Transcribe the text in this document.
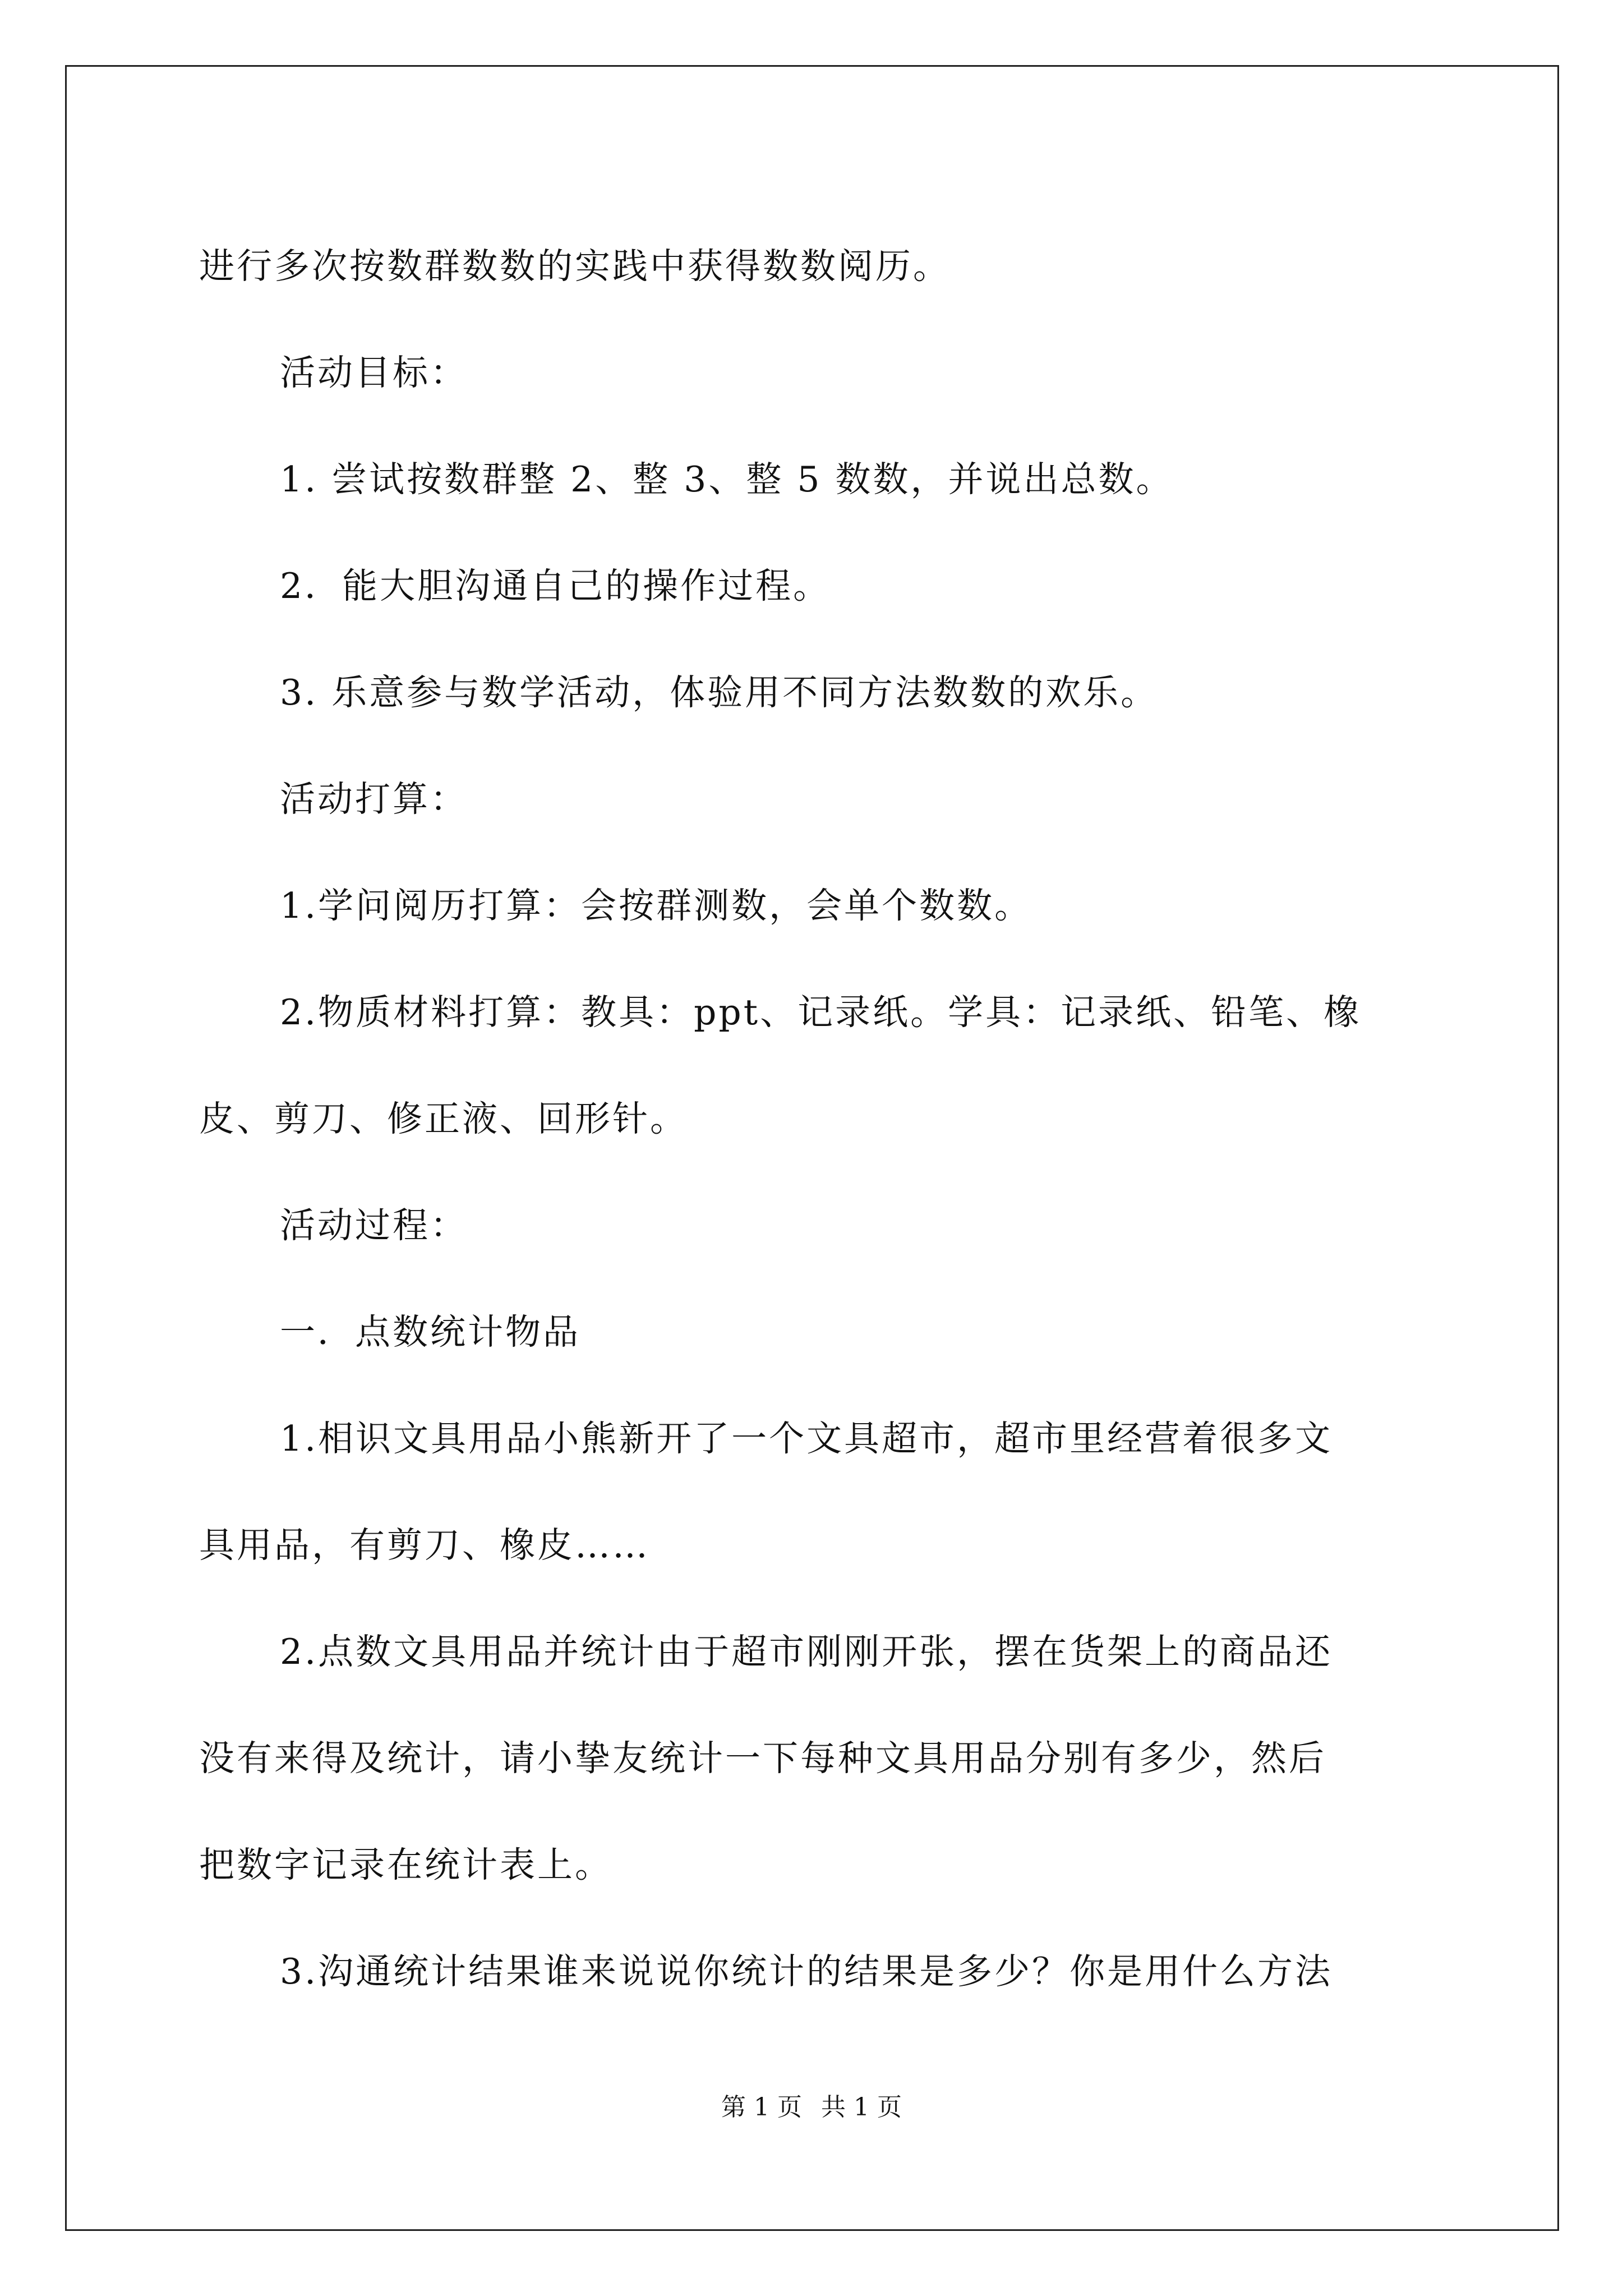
进行多次按数群数数的实践中获得数数阅历。
活动目标：
1. 尝试按数群整 2、整 3、整 5 数数，并说出总数。
2．能大胆沟通自己的操作过程。
3. 乐意参与数学活动，体验用不同方法数数的欢乐。
活动打算：
1.学问阅历打算：会按群测数，会单个数数。
2.物质材料打算：教具：ppt、记录纸。学具：记录纸、铅笔、橡
皮、剪刀、修正液、回形针。
活动过程：
一．点数统计物品
1.相识文具用品小熊新开了一个文具超市，超市里经营着很多文
具用品，有剪刀、橡皮……
2.点数文具用品并统计由于超市刚刚开张，摆在货架上的商品还
没有来得及统计，请小挚友统计一下每种文具用品分别有多少，然后
把数字记录在统计表上。
3.沟通统计结果谁来说说你统计的结果是多少？你是用什么方法
第 1 页 共 1 页
